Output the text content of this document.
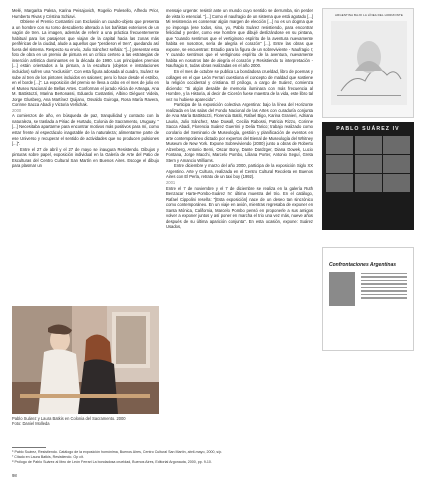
Melé, Margarita Paksa, Karina Peisajovich, Rogelio Polesello, Alfredo Prior, Humberto Rivas y Cristina Schiavi.

Obtiene el Premio Costantini con Exclusión un cuadro-objeto que presenta a un hombre con su torso descubierto alterado a los bañistas exteriores de un vagón de tren. La imagen, además de referir a una práctica frecuentemente habitual para los pasajeros que viajan de la capital hacia las zonas más periféricas de la ciudad, alude a aquellos que "perdieron el tren", quedando así fuera del sistema. Respecto su envío, Julio Sánchez señala: "[...] presentar esta foto de obra en un premio de pintura es un crítico certero a las estrategias de inserción artística dominantes en la década de 1990. Los principales premios [...] están orientados a la pintura, a la escultura (objetos e instalaciones incluidos) sufren una "exclusión". Con esta figura adosada al cuadro, Suárez se sube al tren de los pintores incluidos en salones; pero lo hace desde el estribo, en el borde [...]". La exposición del premio se lleva a cabo en el mes de julio en el Museo Nacional de Bellas Artes. Conforman el jurado Alicia de Arteaga, Ana M. Battistozzi, Marina Bertonassi, Eduardo Costantini, Albino Diéguez Videla, Jorge Glusberg, Ana Martínez Quijano, Osvaldo Guiroga, Rosa María Ravera, Corinne Sacca Abadi y Victoria Verlichak.

2000

A comienzos de año, en búsqueda de paz, tranquilidad y contacto con la naturaleza, se traslada a Piriac de Hurtado, Colonia de Sacramento, Uruguay. "[...] Necesitaba apartarme para encontrar motivos más positivos para mí, como estar frente al espectáculo inagotable de la naturaleza; alimentarme parte de ese Universo y recuperar el sentido de actividades que no producen pulsiones [...]".

Entre el 27 de abril y el 27 de mayo se inaugura Resistendo. Dibujos y pinturas sobre papel, exposición individual en la Galería de Arte del Patio de Esculturas del Centro Cultural San Martín en Buenos Aires. Escoge el dibujo para plasmar un

Pablo Suárez y Laura Batkis en Colonia del Sacramento. 2000

Foto: Daniel Molleda

mensaje urgente: resistir ante un mundo cuyo sentido se derrumba, sin perder de vista lo esencial. "[...] Como el naufragio de un sistema que está agotado [...] Mi resistencia es conservar algún margen de elección [...] no es un dogma que yo imponga (ese todos, sino, yo, Pablo Suárez resistiendo, para encontrar felicidad y perder, como ese hombre que dibujé deslizándose en su pintana, que "cuando sentimos que el vertiginoso espíritu de la aventura nuevamente habita en nosotros, sería de alegría el corazón" [...]. Entre las obras que expone, se encuentran: Estudio para la figura de un sobreviviente - Naufragio I; Y cuando sentimos que el vertiginoso espíritu de la aventura, nuevamente habita en nosotros late de alegría el corazón y Resistiendo to interpretación - Naufragio II, todas obras realizadas en el año 2000.

En el mes de octubre se publica La bondadosa crueldad, libro de poemas y collages en el que León Ferrari cuestiona el concepto de maldad que sostiene la religión occidental y cristiana. El prólogo, a cargo de Suárez, comienza diciendo: "Si algún desalde de memoria iluminara con más frecuencia al Hombre, y la Historia, al decir de Cicerón fuese maestra de la vida, este libro tal vez no hubiese aparecido".

Participa de la exposición colectiva Argentina: bajo la línea del Horizonte realizada en las salas del Fondo Nacional de las Artes con curaduría conjunta de Ana María Battistozzi, Florencia Batiti, Rafael Bigo, Karina Granieri, Adriana Lauria, Julio Sánchez, Mae Dowall, Cecilia Rabossi, Patricia Rizzo, Corinne Sacca Abadi, Florencia Suárez Guerrini y Delia Tarico; trabajo realizado como corolario del Seminario de Museología, gestión y planificación de eventos en arte contemporáneo dictado por expertos del Bienal de Museología del Whitney Museum de New York. Expone Sobreviviendo (2000) junto a obras de Roberto Alzenberg, Antonio Berni, Oscar Bony, Dante Dardzger, Diana Dowek, Lucio Fontana, Jorge Macchi, Marcelo Pombo, Liliana Porter, Antonio Seguí, Greta Stern y Amancio Williams.

Entre diciembre y marzo del año 2000, participa de la exposición Siglo XX Argentino. Arte y Cultura, realizada en el Centro Cultural Recoleta en Buenos Aires con El Perla, retrato de un taxi boy (1992).

2001

Entre el 7 de noviembre y el 7 de diciembre se realiza en la galería Ruth Benzacar Harte-Pombo-Suárez IV: última muestra del trio. En el catálogo, Rafael Cippolini reseña: "[Esta exposición] nace de un deseo tan sincrónico como contemporáneo. En un viaje en avión, mientras regresaba de exponer en Santa Mónica, California, Marcelo Pombo pensó en proponerle a sus amigos volver a exponer juntos y así poner en marcha el trio una vez más, nueve años después de su última aparición conjunta". En esta ocasión, expone: Suárez Usados,

⁶ Pablo Suárez, Resistiendo. Catálogo de la exposición homónima, Buenos Aires, Centro Cultural San Martín, abril-mayo, 2000, s/p.

⁷ Citado en Laura Batkis, Resistiendo. Op cit.

⁸ Prólogo de Pablo Suárez al libro de León Ferrari La bondadosa crueldad, Buenos Aires, Editorial Argonauta, 2000, pp. 9-10.

98
ARGENTINA BAJO LA LÍNEA DEL HORIZONTE
PABLO SUÁREZ IV
Confrontaciones Argentinas
